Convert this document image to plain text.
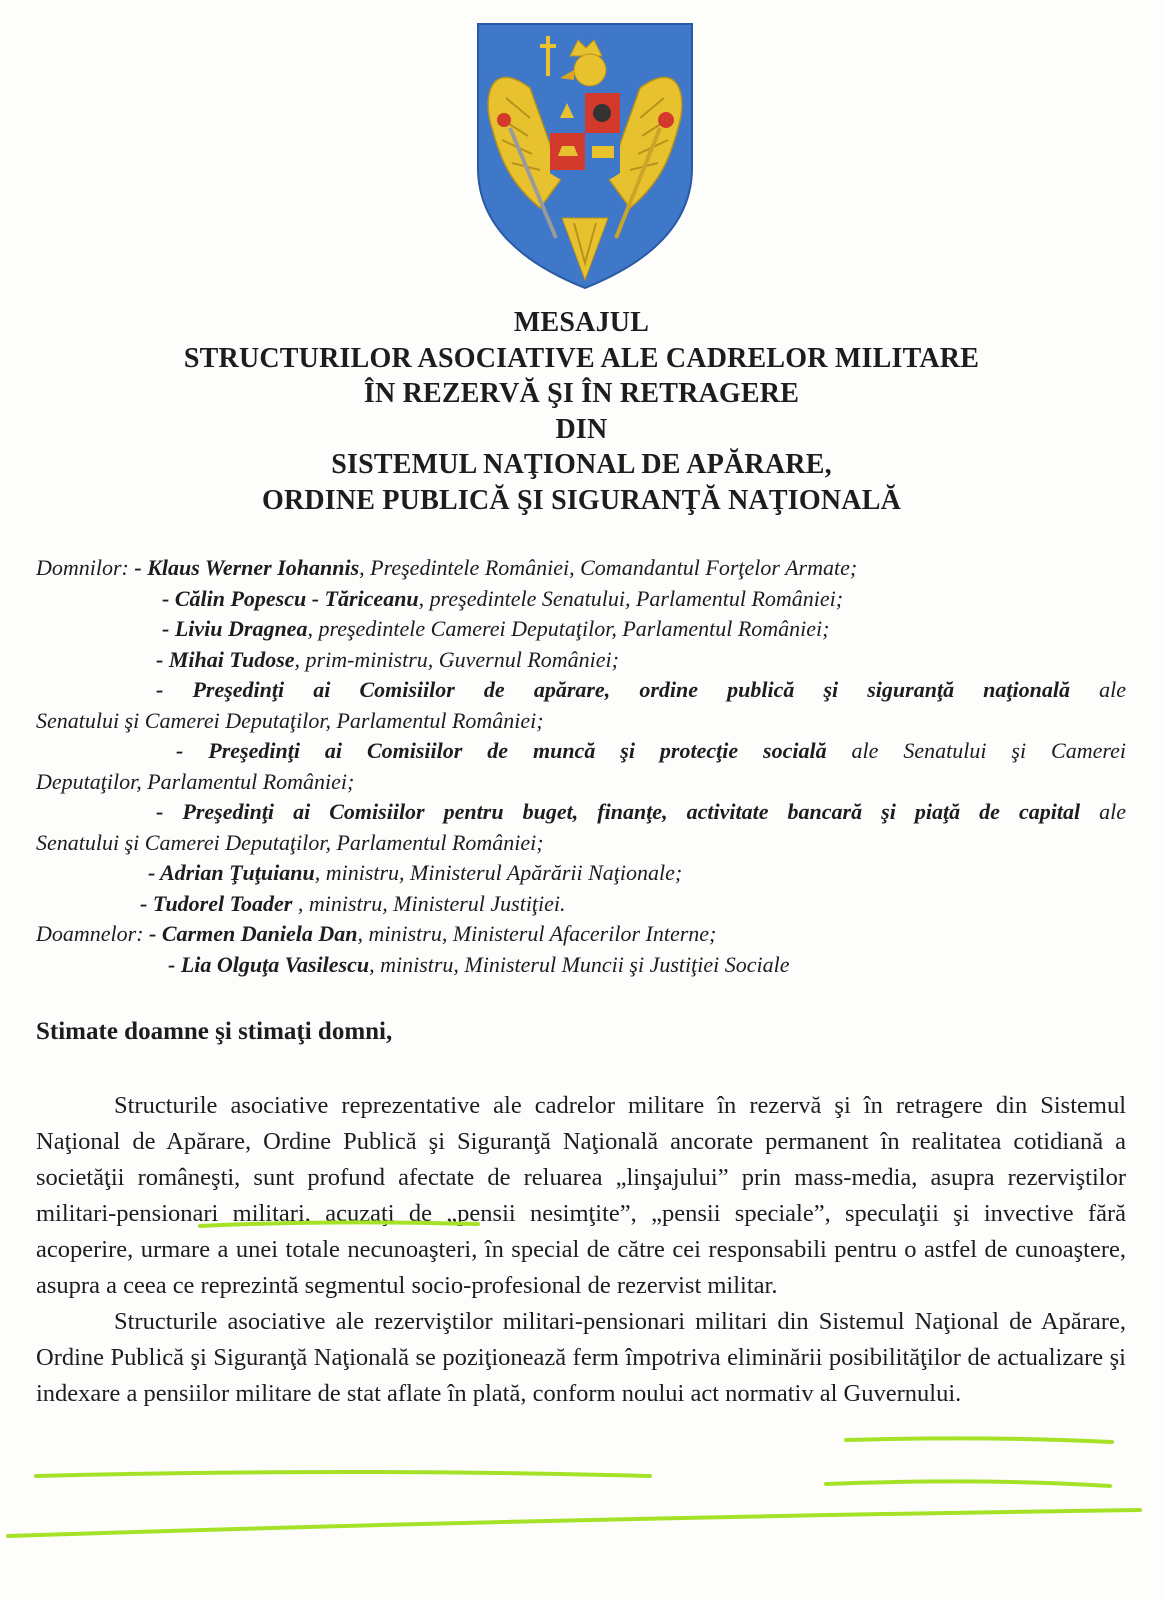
MESAJUL
STRUCTURILOR ASOCIATIVE ALE CADRELOR MILITARE
ÎN REZERVĂ ŞI ÎN RETRAGERE
DIN
SISTEMUL NAŢIONAL DE APĂRARE,
ORDINE PUBLICĂ ŞI SIGURANŢĂ NAŢIONALĂ
Domnilor: - Klaus Werner Iohannis, Preşedintele României, Comandantul Forţelor Armate;
- Călin Popescu - Tăriceanu, preşedintele Senatului, Parlamentul României;
- Liviu Dragnea, preşedintele Camerei Deputaţilor, Parlamentul României;
- Mihai Tudose, prim-ministru, Guvernul României;
- Preşedinţi ai Comisiilor de apărare, ordine publică şi siguranţă naţională ale
Senatului şi Camerei Deputaţilor, Parlamentul României;
- Preşedinţi ai Comisiilor de muncă şi protecţie socială ale Senatului şi Camerei
Deputaţilor, Parlamentul României;
- Preşedinţi ai Comisiilor pentru buget, finanţe, activitate bancară şi piaţă de capital ale
Senatului şi Camerei Deputaţilor, Parlamentul României;
- Adrian Ţuţuianu, ministru, Ministerul Apărării Naţionale;
- Tudorel Toader , ministru, Ministerul Justiţiei.
Doamnelor: - Carmen Daniela Dan, ministru, Ministerul Afacerilor Interne;
- Lia Olguţa Vasilescu, ministru, Ministerul Muncii şi Justiţiei Sociale
Stimate doamne şi stimaţi domni,

Structurile asociative reprezentative ale cadrelor militare în rezervă şi în retragere din Sistemul Naţional de Apărare, Ordine Publică şi Siguranţă Naţională ancorate permanent în realitatea cotidiană a societăţii româneşti, sunt profund afectate de reluarea „linşajului” prin mass-media, asupra rezerviştilor militari-pensionari militari, acuzaţi de „pensii nesimţite”, „pensii speciale”, speculaţii şi invective fără acoperire, urmare a unei totale necunoaşteri, în special de către cei responsabili pentru o astfel de cunoaştere, asupra a ceea ce reprezintă segmentul socio-profesional de rezervist militar.

Structurile asociative ale rezerviştilor militari-pensionari militari din Sistemul Naţional de Apărare, Ordine Publică şi Siguranţă Naţională se poziţionează ferm împotriva eliminării posibilităţilor de actualizare şi indexare a pensiilor militare de stat aflate în plată, conform noului act normativ al Guvernului.
